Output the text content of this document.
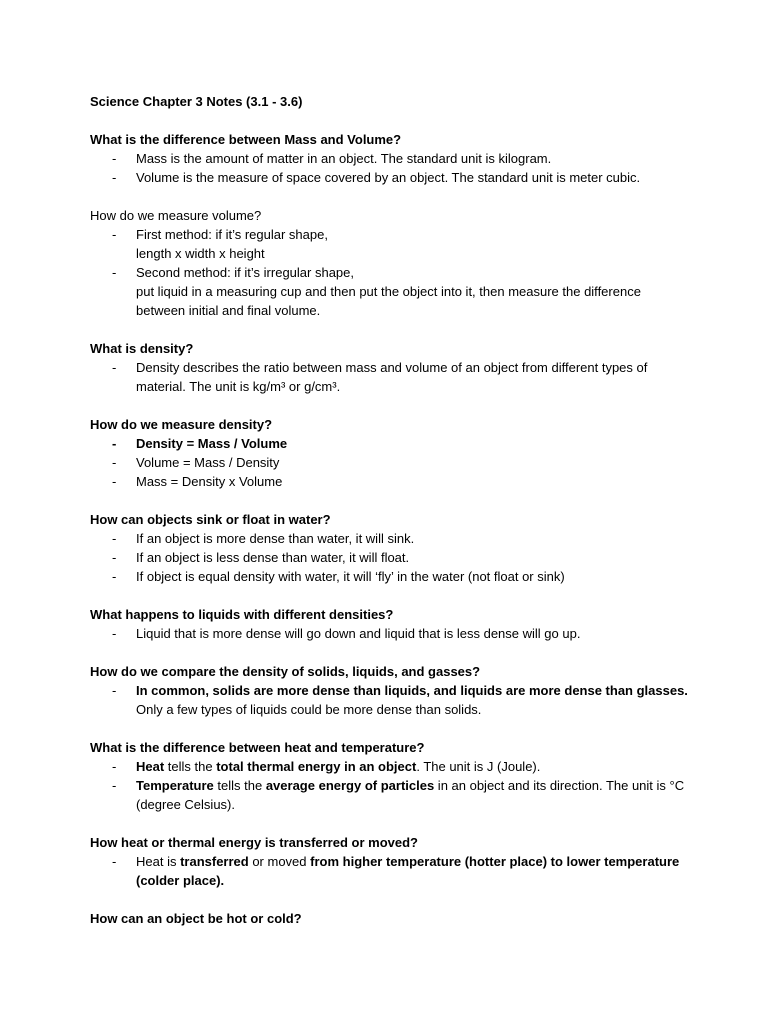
Science Chapter 3 Notes (3.1 - 3.6)
What is the difference between Mass and Volume?
- Mass is the amount of matter in an object. The standard unit is kilogram.
- Volume is the measure of space covered by an object. The standard unit is meter cubic.
How do we measure volume?
- First method: if it’s regular shape,
length x width x height
- Second method: if it’s irregular shape,
put liquid in a measuring cup and then put the object into it, then measure the difference between initial and final volume.
What is density?
- Density describes the ratio between mass and volume of an object from different types of material. The unit is kg/m³ or g/cm³.
How do we measure density?
- Density = Mass / Volume
- Volume = Mass / Density
- Mass = Density x Volume
How can objects sink or float in water?
- If an object is more dense than water, it will sink.
- If an object is less dense than water, it will float.
- If object is equal density with water, it will ‘fly’ in the water (not float or sink)
What happens to liquids with different densities?
- Liquid that is more dense will go down and liquid that is less dense will go up.
How do we compare the density of solids, liquids, and gasses?
- In common, solids are more dense than liquids, and liquids are more dense than glasses. Only a few types of liquids could be more dense than solids.
What is the difference between heat and temperature?
- Heat tells the total thermal energy in an object. The unit is J (Joule).
- Temperature tells the average energy of particles in an object and its direction. The unit is °C (degree Celsius).
How heat or thermal energy is transferred or moved?
- Heat is transferred or moved from higher temperature (hotter place) to lower temperature (colder place).
How can an object be hot or cold?
